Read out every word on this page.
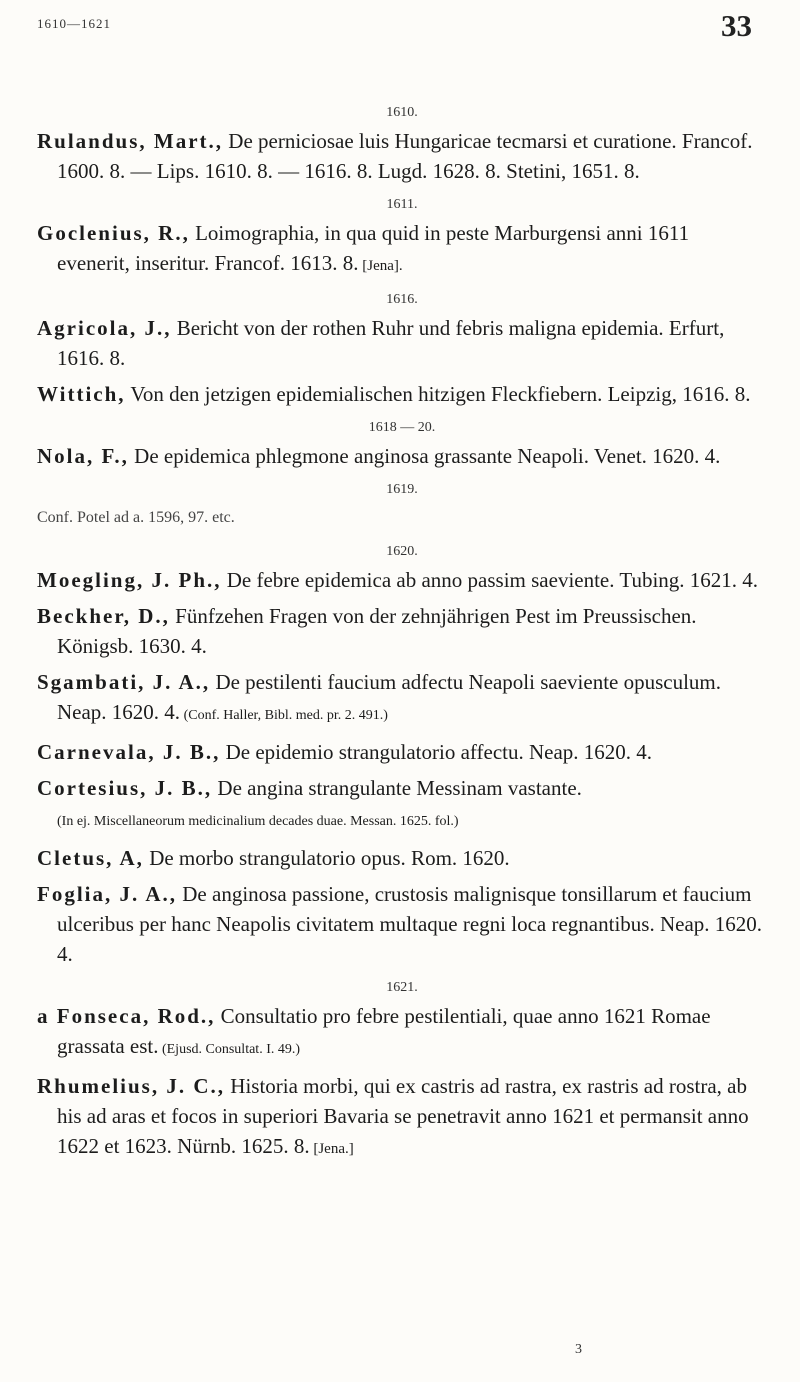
1610—1621	33

1610.

Rulandus, Mart., De perniciosae luis Hungaricae tecmarsi et curatione. Francof. 1600. 8. — Lips. 1610. 8. — 1616. 8. Lugd. 1628. 8. Stetini, 1651. 8.

1611.

Goclenius, R., Loimographia, in qua quid in peste Marburgensi anni 1611 evenerit, inseritur. Francof. 1613. 8. [Jena].

1616.

Agricola, J., Bericht von der rothen Ruhr und febris maligna epidemia. Erfurt, 1616. 8.

Wittich, Von den jetzigen epidemialischen hitzigen Fleckfiebern. Leipzig, 1616. 8.

1618 — 20.

Nola, F., De epidemica phlegmone anginosa grassante Neapoli. Venet. 1620. 4.

1619.

Conf. Potel ad a. 1596, 97. etc.

1620.

Moegling, J. Ph., De febre epidemica ab anno passim saeviente. Tubing. 1621. 4.

Beckher, D., Fünfzehen Fragen von der zehnjährigen Pest im Preussischen. Königsb. 1630. 4.

Sgambati, J. A., De pestilenti faucium adfectu Neapoli saeviente opusculum. Neap. 1620. 4. (Conf. Haller, Bibl. med. pr. 2. 491.)

Carnevala, J. B., De epidemio strangulatorio affectu. Neap. 1620. 4.

Cortesius, J. B., De angina strangulante Messinam vastante.
(In ej. Miscellaneorum medicinalium decades duae. Messan. 1625. fol.)

Cletus, A, De morbo strangulatorio opus. Rom. 1620.

Foglia, J. A., De anginosa passione, crustosis malignisque tonsillarum et faucium ulceribus per hanc Neapolis civitatem multaque regni loca regnantibus. Neap. 1620. 4.

1621.

a Fonseca, Rod., Consultatio pro febre pestilentiali, quae anno 1621 Romae grassata est. (Ejusd. Consultat. I. 49.)

Rhumelius, J. C., Historia morbi, qui ex castris ad rastra, ex rastris ad rostra, ab his ad aras et focos in superiori Bavaria se penetravit anno 1621 et permansit anno 1622 et 1623. Nürnb. 1625. 8. [Jena.]

3
